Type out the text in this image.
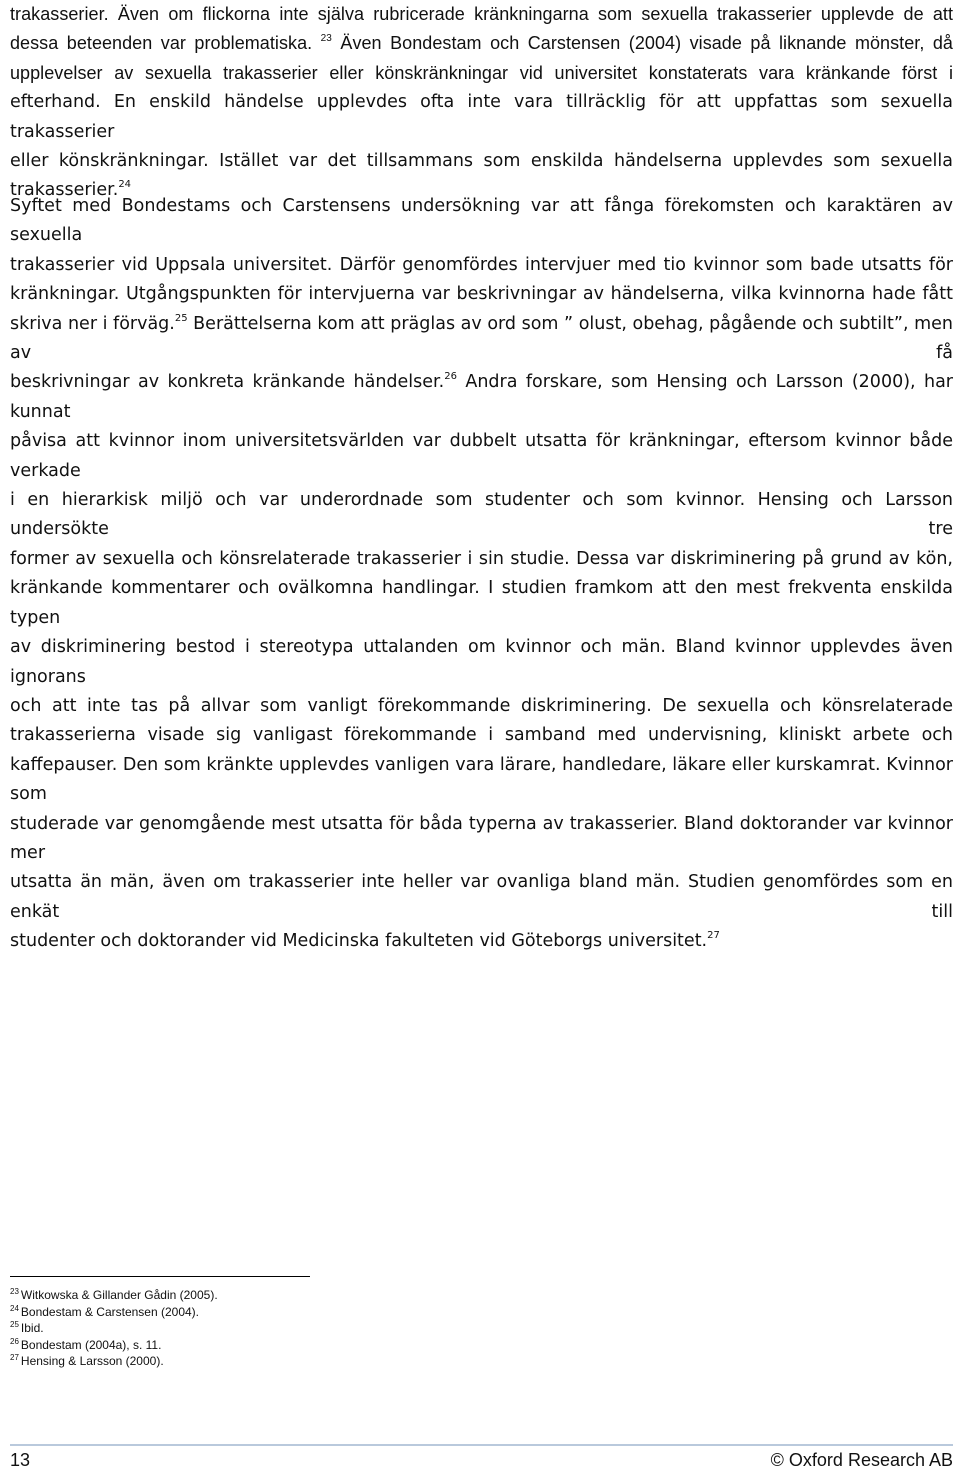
trakasserier. Även om flickorna inte själva rubricerade kränkningarna som sexuella trakasserier upplevde de att
dessa beteenden var problematiska. $^{23}$ Även Bondestam och Carstensen (2004) visade på liknande mönster, då
upplevelser av sexuella trakasserier eller könskränkningar vid universitet konstaterats vara kränkande först i
efterhand. En enskild händelse upplevdes ofta inte vara tillräcklig för att uppfattas som sexuella trakasserier
eller könskränkningar. Istället var det tillsammans som enskilda händelserna upplevdes som sexuella
trakasserier.$^{24}$
Syftet med Bondestams och Carstensens undersökning var att fånga förekomsten och karaktären av sexuella
trakasserier vid Uppsala universitet. Därför genomfördes intervjuer med tio kvinnor som bade utsatts för
kränkningar. Utgångspunkten för intervjuerna var beskrivningar av händelserna, vilka kvinnorna hade fått
skriva ner i förväg.$^{25}$ Berättelserna kom att präglas av ord som ” olust, obehag, pågående och subtilt”, men av få
beskrivningar av konkreta kränkande händelser.$^{26}$ Andra forskare, som Hensing och Larsson (2000), har kunnat
påvisa att kvinnor inom universitetsvärlden var dubbelt utsatta för kränkningar, eftersom kvinnor både verkade
i en hierarkisk miljö och var underordnade som studenter och som kvinnor. Hensing och Larsson undersökte tre
former av sexuella och könsrelaterade trakasserier i sin studie. Dessa var diskriminering på grund av kön,
kränkande kommentarer och ovälkomna handlingar. I studien framkom att den mest frekventa enskilda typen
av diskriminering bestod i stereotypa uttalanden om kvinnor och män. Bland kvinnor upplevdes även ignorans
och att inte tas på allvar som vanligt förekommande diskriminering. De sexuella och könsrelaterade
trakasserierna visade sig vanligast förekommande i samband med undervisning, kliniskt arbete och
kaffepauser. Den som kränkte upplevdes vanligen vara lärare, handledare, läkare eller kurskamrat. Kvinnor som
studerade var genomgående mest utsatta för båda typerna av trakasserier. Bland doktorander var kvinnor mer
utsatta än män, även om trakasserier inte heller var ovanliga bland män. Studien genomfördes som en enkät till
studenter och doktorander vid Medicinska fakulteten vid Göteborgs universitet.$^{27}$
$^{23}$ Witkowska & Gillander Gådin (2005).
$^{24}$ Bondestam & Carstensen (2004).
$^{25}$ Ibid.
$^{26}$ Bondestam (2004a), s. 11.
$^{27}$ Hensing & Larsson (2000).
13	© Oxford Research AB
